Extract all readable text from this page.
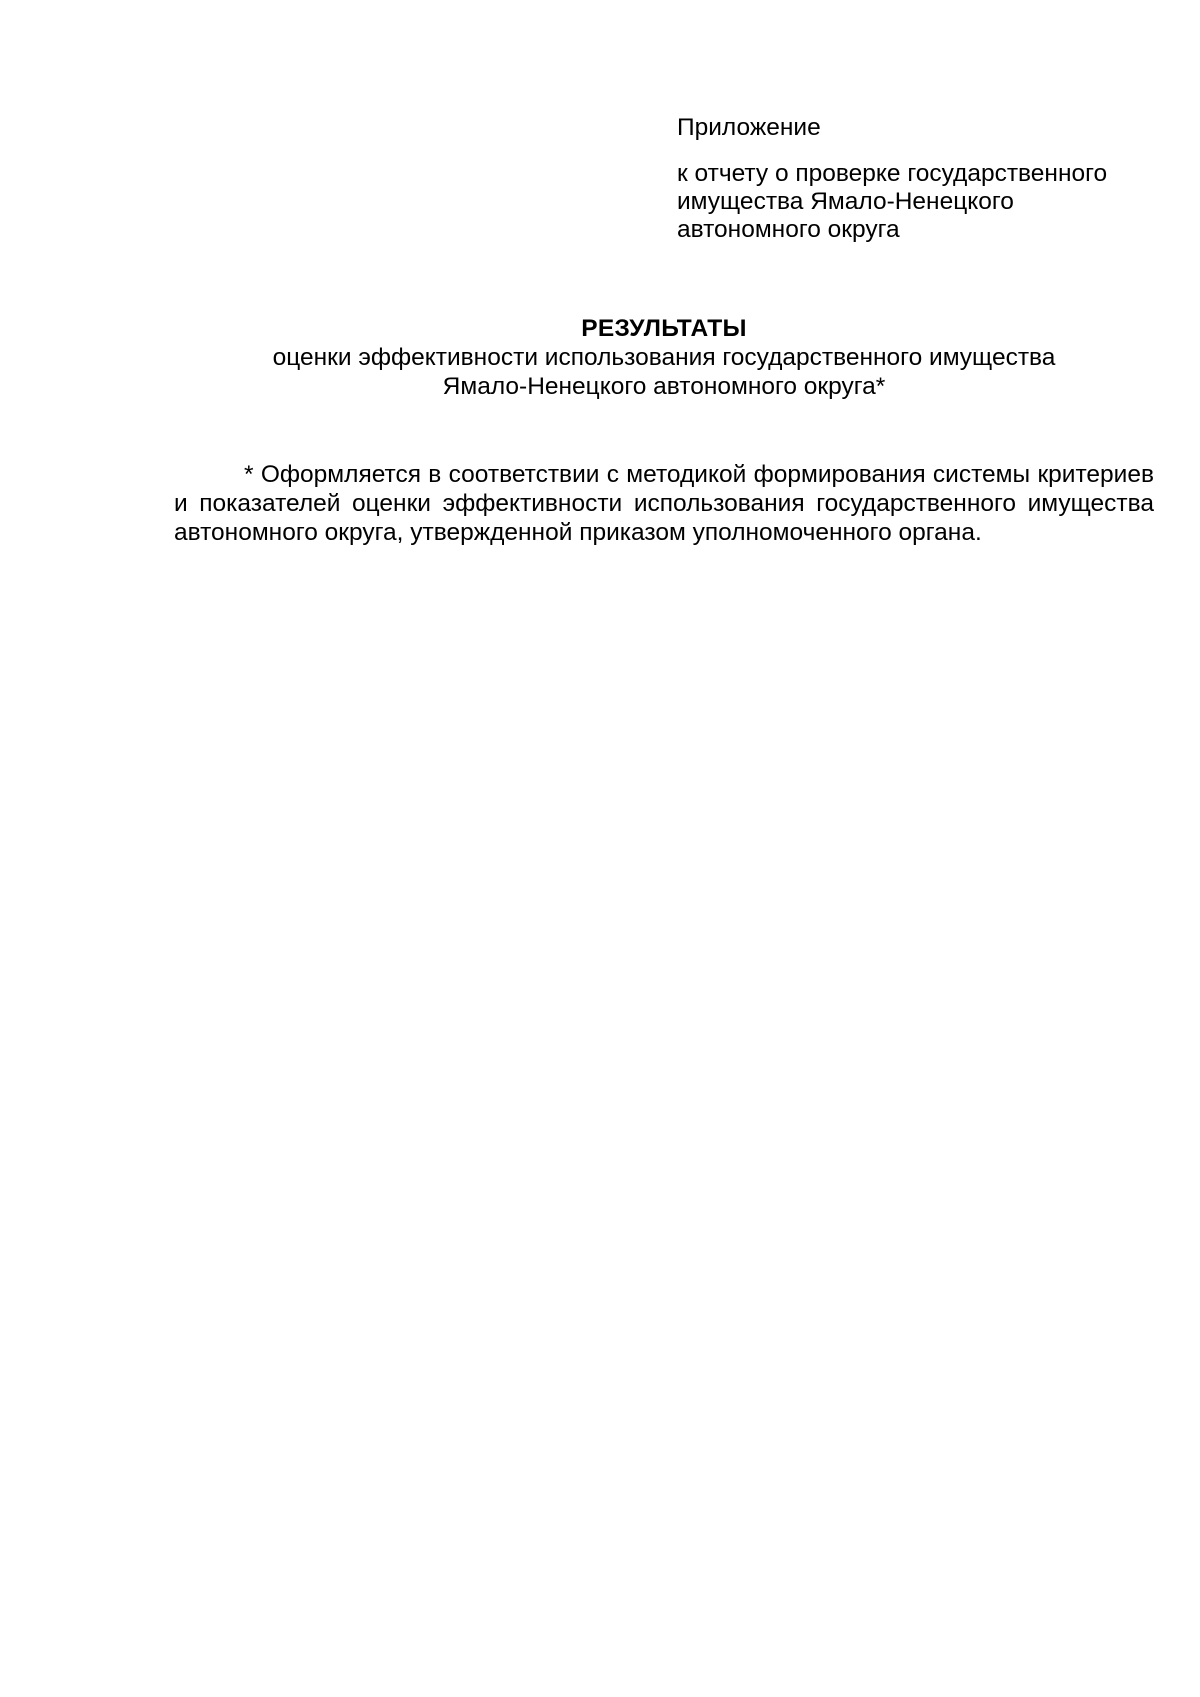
Приложение

к отчету о проверке государственного
имущества Ямало-Ненецкого
автономного округа

РЕЗУЛЬТАТЫ

оценки эффективности использования государственного имущества
Ямало-Ненецкого автономного округа*

* Оформляется в соответствии с методикой формирования системы критериев и показателей оценки эффективности использования государственного имущества автономного округа, утвержденной приказом уполномоченного органа.
